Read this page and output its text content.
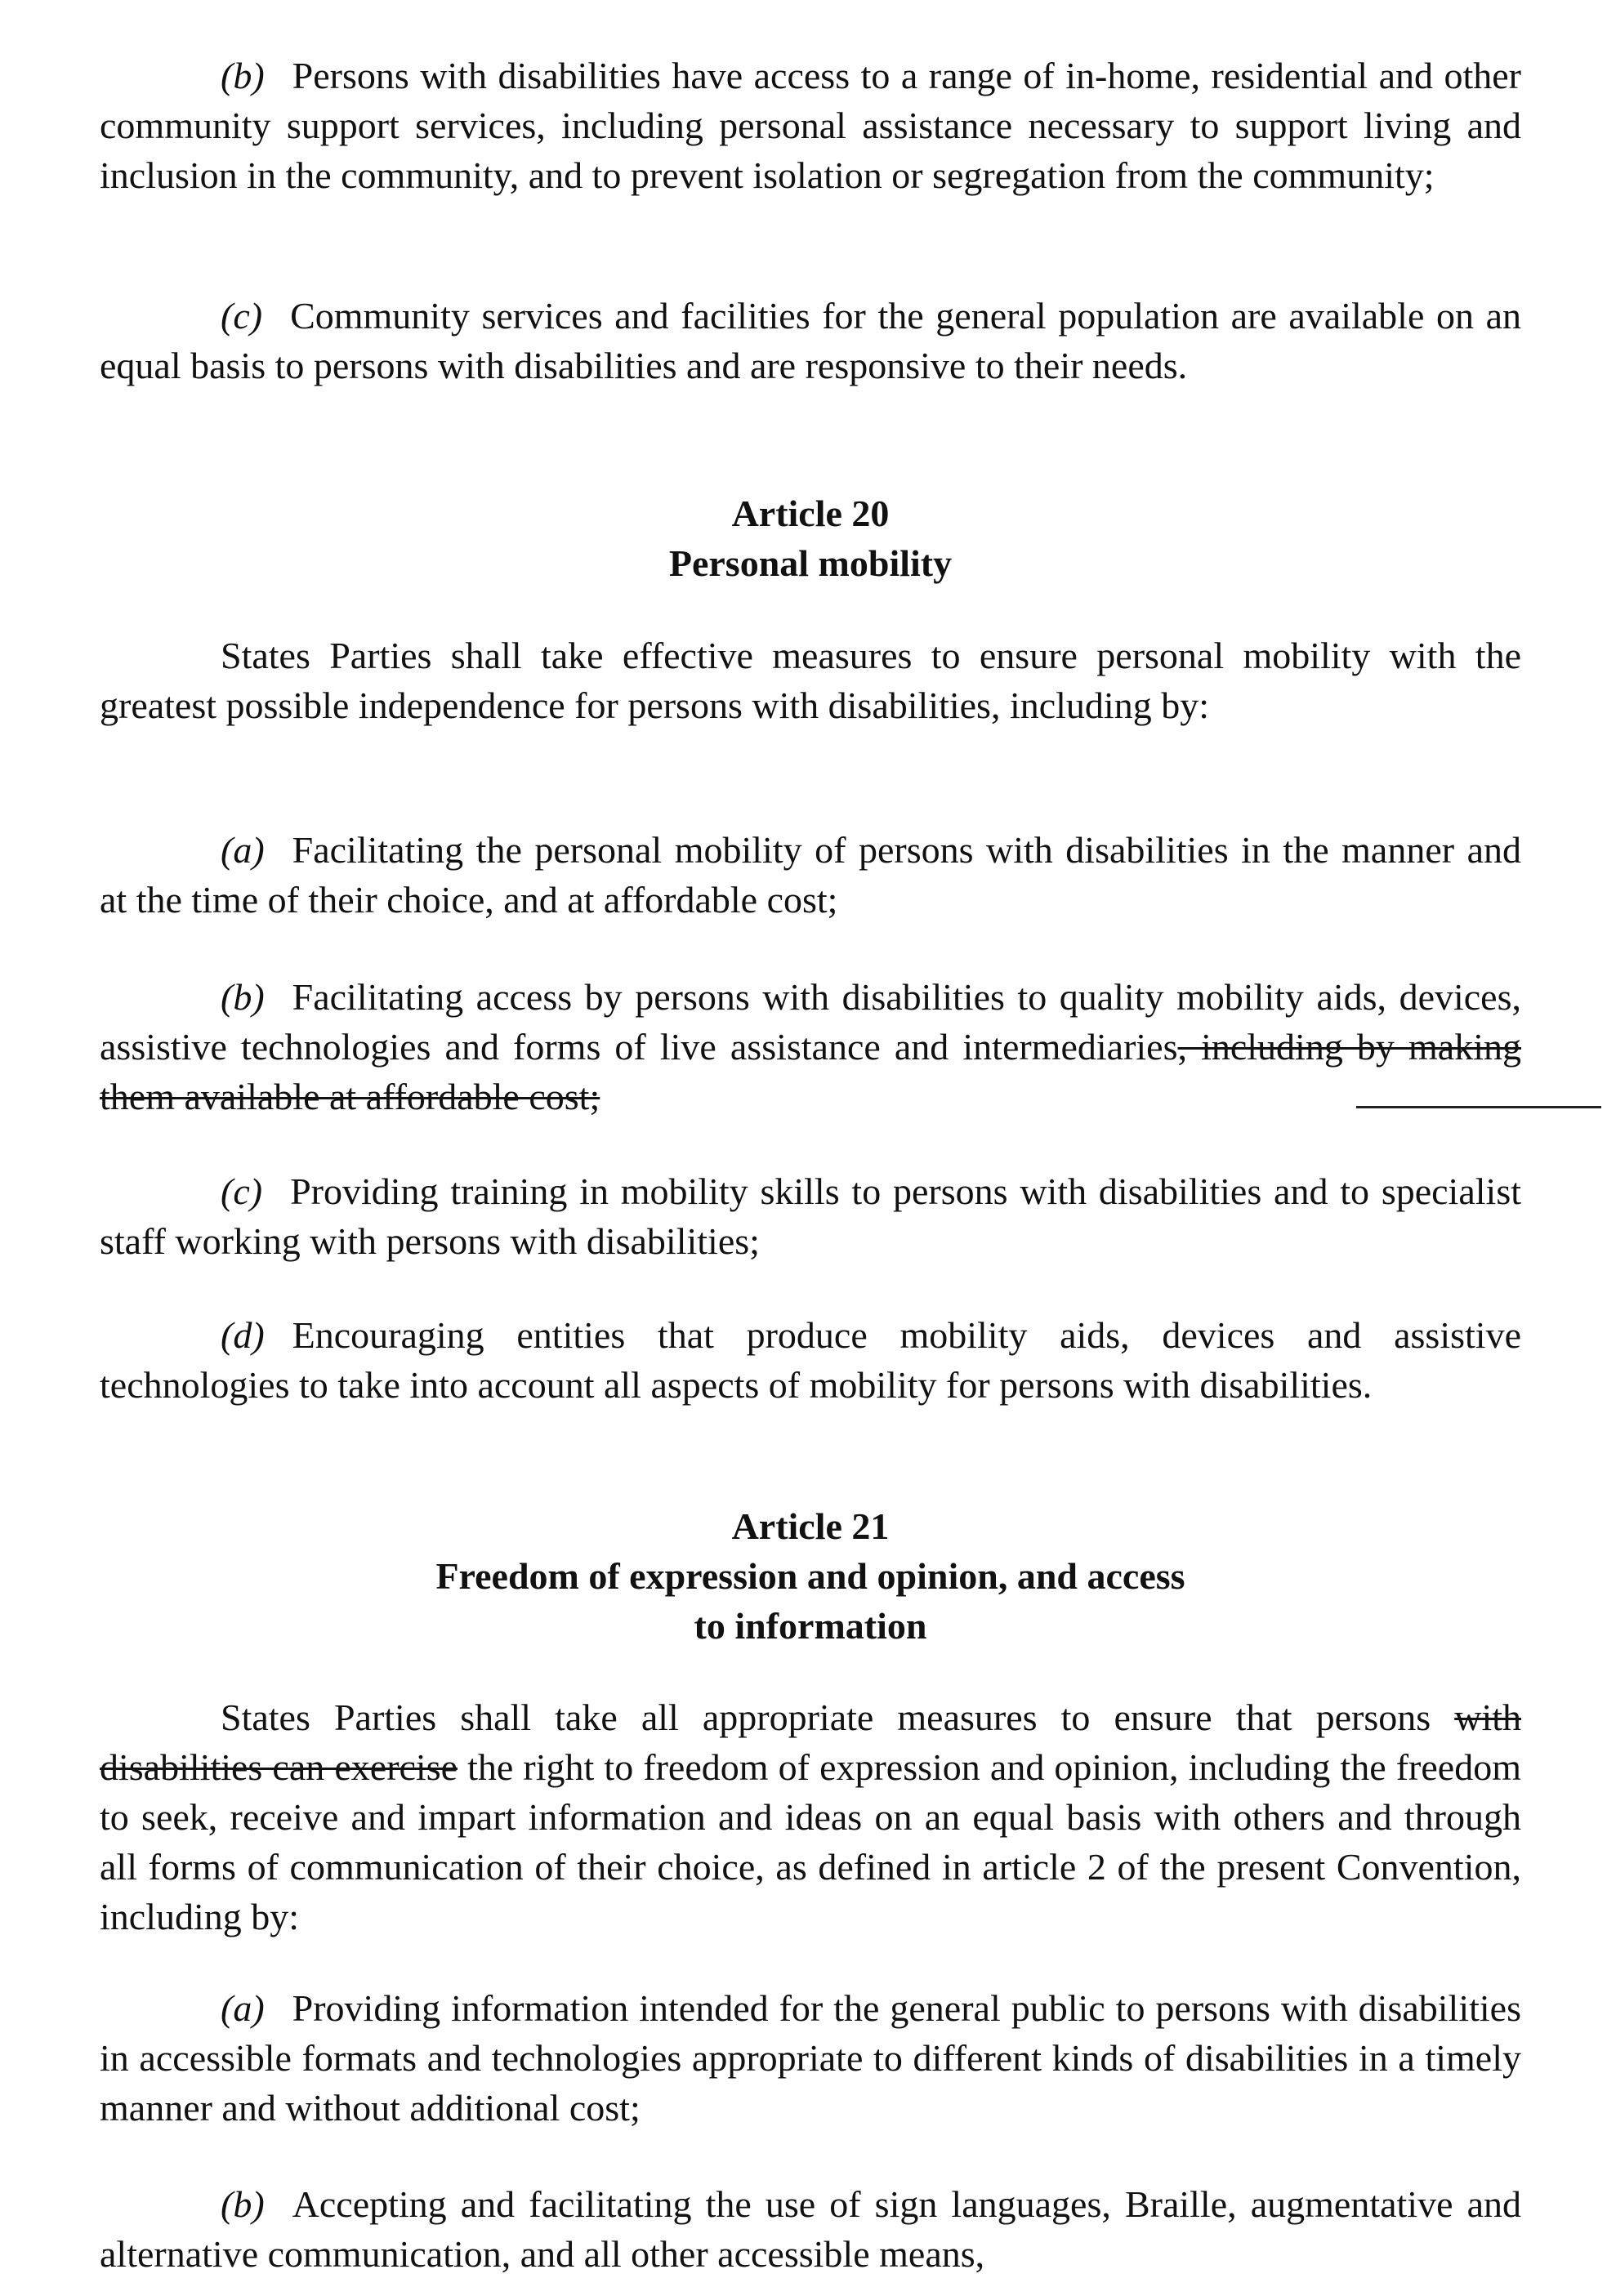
(b) Persons with disabilities have access to a range of in-home, residential and other community support services, including personal assistance necessary to support living and inclusion in the community, and to prevent isolation or segregation from the community;

(c) Community services and facilities for the general population are available on an equal basis to persons with disabilities and are responsive to their needs.

Article 20

Personal mobility

States Parties shall take effective measures to ensure personal mobility with the greatest possible independence for persons with disabilities, including by:

(a) Facilitating the personal mobility of persons with disabilities in the manner and at the time of their choice, and at affordable cost;

(b) Facilitating access by persons with disabilities to quality mobility aids, devices, assistive technologies and forms of live assistance and intermediaries, including by making them available at affordable cost;

(c) Providing training in mobility skills to persons with disabilities and to specialist staff working with persons with disabilities;

(d) Encouraging entities that produce mobility aids, devices and assistive technologies to take into account all aspects of mobility for persons with disabilities.

Article 21

Freedom of expression and opinion, and access

to information

States Parties shall take all appropriate measures to ensure that persons with disabilities can exercise the right to freedom of expression and opinion, including the freedom to seek, receive and impart information and ideas on an equal basis with others and through all forms of communication of their choice, as defined in article 2 of the present Convention, including by:

(a) Providing information intended for the general public to persons with disabilities in accessible formats and technologies appropriate to different kinds of disabilities in a timely manner and without additional cost;

(b) Accepting and facilitating the use of sign languages, Braille, augmentative and alternative communication, and all other accessible means,
